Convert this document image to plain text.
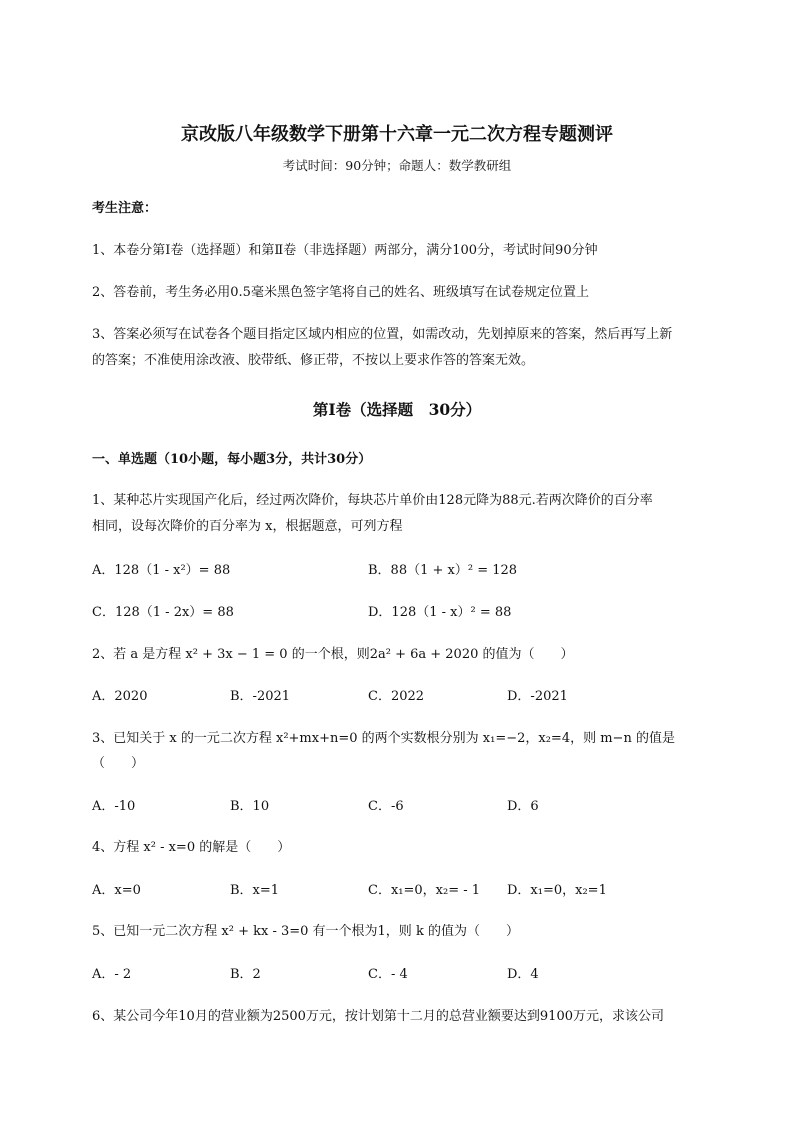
京改版八年级数学下册第十六章一元二次方程专题测评
考试时间：90分钟；命题人：数学教研组
考生注意：
1、本卷分第I卷（选择题）和第Ⅱ卷（非选择题）两部分，满分100分，考试时间90分钟
2、答卷前，考生务必用0.5毫米黑色签字笔将自己的姓名、班级填写在试卷规定位置上
3、答案必须写在试卷各个题目指定区域内相应的位置，如需改动，先划掉原来的答案，然后再写上新
的答案；不准使用涂改液、胶带纸、修正带，不按以上要求作答的答案无效。
第I卷（选择题　30分）
一、单选题（10小题，每小题3分，共计30分）
1、某种芯片实现国产化后，经过两次降价，每块芯片单价由128元降为88元.若两次降价的百分率
相同，设每次降价的百分率为 x，根据题意，可列方程
A．128（1 - x²）= 88	B．88（1 + x）² = 128
C．128（1 - 2x）= 88	D．128（1 - x）² = 88
2、若 a 是方程 x² + 3x − 1 = 0 的一个根，则2a² + 6a + 2020 的值为（　　）
A．2020	B．-2021	C．2022	D．-2021
3、已知关于 x 的一元二次方程 x²+mx+n=0 的两个实数根分别为 x₁=−2，x₂=4，则 m−n 的值是
（　　）
A．-10	B．10	C．-6	D．6
4、方程 x² - x=0 的解是（　　）
A．x=0	B．x=1	C．x₁=0，x₂= - 1 D．x₁=0，x₂=1
5、已知一元二次方程 x² + kx - 3=0 有一个根为1，则 k 的值为（　　）
A．- 2	B．2	C．- 4	D．4
6、某公司今年10月的营业额为2500万元，按计划第十二月的总营业额要达到9100万元，求该公司
